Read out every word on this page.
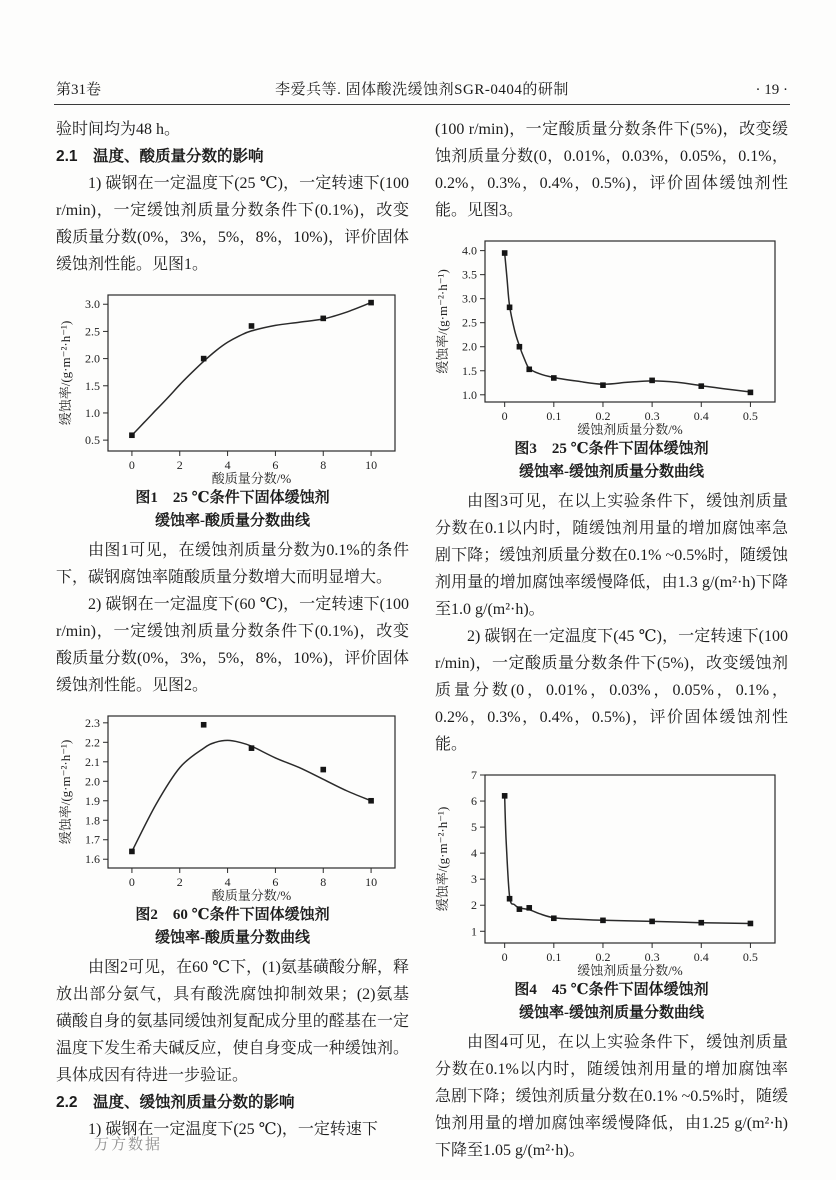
第31卷	李爱兵等. 固体酸洗缓蚀剂SGR-0404的研制	· 19 ·

验时间均为48 h。

2.1　温度、酸质量分数的影响

1) 碳钢在一定温度下(25 ℃)，一定转速下(100 r/min)，一定缓蚀剂质量分数条件下(0.1%)，改变酸质量分数(0%，3%，5%，8%，10%)，评价固体缓蚀剂性能。见图1。

0.5
1.0
1.5
2.0
2.5
3.0
0	2	4	6	8	10
酸质量分数/%
缓蚀率/(g·m⁻²·h⁻¹)
图1　25 ℃条件下固体缓蚀剂
缓蚀率-酸质量分数曲线

由图1可见，在缓蚀剂质量分数为0.1%的条件下，碳钢腐蚀率随酸质量分数增大而明显增大。

2) 碳钢在一定温度下(60 ℃)，一定转速下(100 r/min)，一定缓蚀剂质量分数条件下(0.1%)，改变酸质量分数(0%，3%，5%，8%，10%)，评价固体缓蚀剂性能。见图2。

1.6
1.7
1.8
1.9
2.0
2.1
2.2
2.3
0	2	4	6	8	10
酸质量分数/%
缓蚀率/(g·m⁻²·h⁻¹)
图2　60 ℃条件下固体缓蚀剂
缓蚀率-酸质量分数曲线

由图2可见，在60 ℃下，(1)氨基磺酸分解，释放出部分氨气，具有酸洗腐蚀抑制效果；(2)氨基磺酸自身的氨基同缓蚀剂复配成分里的醛基在一定温度下发生希夫碱反应，使自身变成一种缓蚀剂。具体成因有待进一步验证。

2.2　温度、缓蚀剂质量分数的影响

1) 碳钢在一定温度下(25 ℃)，一定转速下

(100 r/min)，一定酸质量分数条件下(5%)，改变缓蚀剂质量分数(0，0.01%，0.03%，0.05%，0.1%，0.2%，0.3%，0.4%，0.5%)，评价固体缓蚀剂性能。见图3。

1.0
1.5
2.0
2.5
3.0
3.5
4.0
0	0.1	0.2	0.3	0.4	0.5
缓蚀剂质量分数/%
缓蚀率/(g·m⁻²·h⁻¹)
图3　25 ℃条件下固体缓蚀剂
缓蚀率-缓蚀剂质量分数曲线

由图3可见，在以上实验条件下，缓蚀剂质量分数在0.1以内时，随缓蚀剂用量的增加腐蚀率急剧下降；缓蚀剂质量分数在0.1% ~0.5%时，随缓蚀剂用量的增加腐蚀率缓慢降低，由1.3 g/(m²·h)下降至1.0 g/(m²·h)。

2) 碳钢在一定温度下(45 ℃)，一定转速下(100 r/min)，一定酸质量分数条件下(5%)，改变缓蚀剂质量分数(0，0.01%，0.03%，0.05%，0.1%，0.2%，0.3%，0.4%，0.5%)，评价固体缓蚀剂性能。

1
2
3
4
5
6
7
0	0.1	0.2	0.3	0.4	0.5
缓蚀剂质量分数/%
缓蚀率/(g·m⁻²·h⁻¹)
图4　45 ℃条件下固体缓蚀剂
缓蚀率-缓蚀剂质量分数曲线

由图4可见，在以上实验条件下，缓蚀剂质量分数在0.1%以内时，随缓蚀剂用量的增加腐蚀率急剧下降；缓蚀剂质量分数在0.1% ~0.5%时，随缓蚀剂用量的增加腐蚀率缓慢降低，由1.25 g/(m²·h)下降至1.05 g/(m²·h)。

万方数据
